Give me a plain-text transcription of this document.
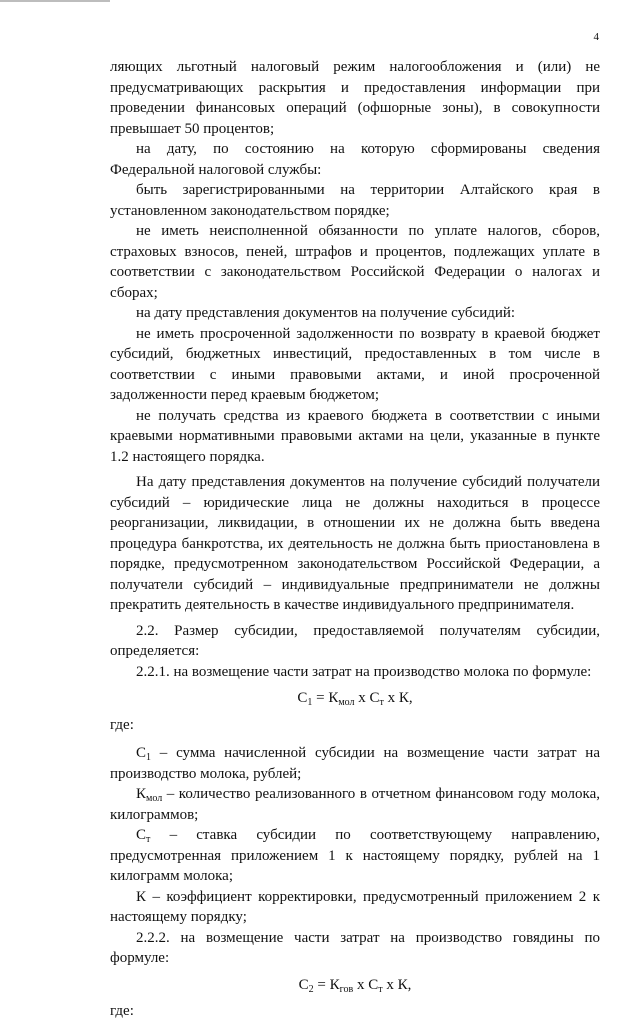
4

ляющих льготный налоговый режим налогообложения и (или) не предусматривающих раскрытия и предоставления информации при проведении финансовых операций (офшорные зоны), в совокупности превышает 50 процентов;

на дату, по состоянию на которую сформированы сведения Федеральной налоговой службы:

быть зарегистрированными на территории Алтайского края в установленном законодательством порядке;

не иметь неисполненной обязанности по уплате налогов, сборов, страховых взносов, пеней, штрафов и процентов, подлежащих уплате в соответствии с законодательством Российской Федерации о налогах и сборах;

на дату представления документов на получение субсидий:

не иметь просроченной задолженности по возврату в краевой бюджет субсидий, бюджетных инвестиций, предоставленных в том числе в соответствии с иными правовыми актами, и иной просроченной задолженности перед краевым бюджетом;

не получать средства из краевого бюджета в соответствии с иными краевыми нормативными правовыми актами на цели, указанные в пункте 1.2 настоящего порядка.

На дату представления документов на получение субсидий получатели субсидий – юридические лица не должны находиться в процессе реорганизации, ликвидации, в отношении их не должна быть введена процедура банкротства, их деятельность не должна быть приостановлена в порядке, предусмотренном законодательством Российской Федерации, а получатели субсидий – индивидуальные предприниматели не должны прекратить деятельность в качестве индивидуального предпринимателя.

2.2. Размер субсидии, предоставляемой получателям субсидии, определяется:

2.2.1. на возмещение части затрат на производство молока по формуле:

$С_1 = К_{мол}$ х $С_т$ х К,

где:

$С_1$ – сумма начисленной субсидии на возмещение части затрат на производство молока, рублей;

$К_{мол}$ – количество реализованного в отчетном финансовом году молока, килограммов;

$С_т$ – ставка субсидии по соответствующему направлению, предусмотренная приложением 1 к настоящему порядку, рублей на 1 килограмм молока;

К – коэффициент корректировки, предусмотренный приложением 2 к настоящему порядку;

2.2.2. на возмещение части затрат на производство говядины по формуле:

$С_2 = К_{гов}$ х $С_т$ х К,

где:
